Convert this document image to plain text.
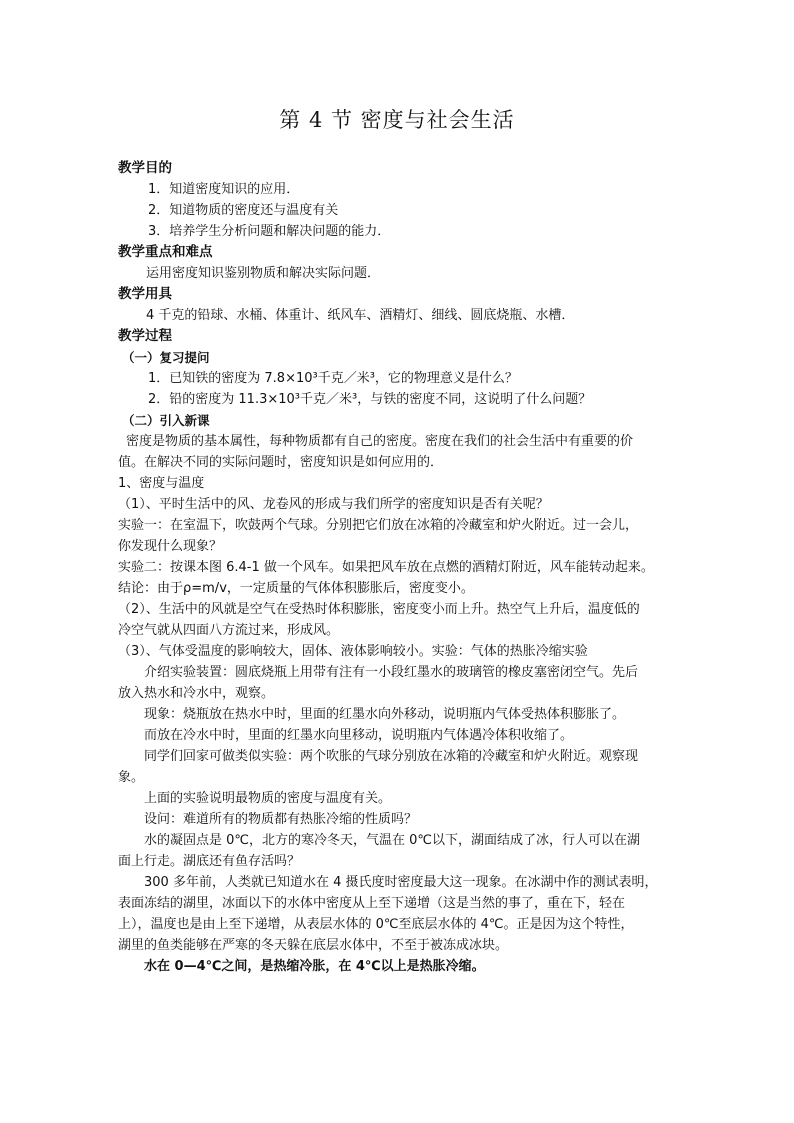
第 4 节 密度与社会生活

教学目的

1．知道密度知识的应用．

2．知道物质的密度还与温度有关

3．培养学生分析问题和解决问题的能力．

教学重点和难点

运用密度知识鉴别物质和解决实际问题．

教学用具

4 千克的铅球、水桶、体重计、纸风车、酒精灯、细线、圆底烧瓶、水槽．

教学过程

（一）复习提问

1．已知铁的密度为 7.8×10³千克／米³，它的物理意义是什么？

2．铅的密度为 11.3×10³千克／米³，与铁的密度不同，这说明了什么问题？

（二）引入新课

密度是物质的基本属性，每种物质都有自己的密度。密度在我们的社会生活中有重要的价

值。在解决不同的实际问题时，密度知识是如何应用的．

1、密度与温度

（1）、平时生活中的风、龙卷风的形成与我们所学的密度知识是否有关呢？

实验一：在室温下，吹鼓两个气球。分别把它们放在冰箱的冷藏室和炉火附近。过一会儿，

你发现什么现象？

实验二：按课本图 6.4-1 做一个风车。如果把风车放在点燃的酒精灯附近，风车能转动起来。

结论：由于ρ=m/v，一定质量的气体体积膨胀后，密度变小。

（2）、生活中的风就是空气在受热时体积膨胀，密度变小而上升。热空气上升后，温度低的

冷空气就从四面八方流过来，形成风。

（3）、气体受温度的影响较大，固体、液体影响较小。实验：气体的热胀冷缩实验

介绍实验装置：圆底烧瓶上用带有注有一小段红墨水的玻璃管的橡皮塞密闭空气。先后

放入热水和冷水中，观察。

现象：烧瓶放在热水中时，里面的红墨水向外移动，说明瓶内气体受热体积膨胀了。

而放在冷水中时，里面的红墨水向里移动，说明瓶内气体遇冷体积收缩了。

同学们回家可做类似实验：两个吹胀的气球分别放在冰箱的冷藏室和炉火附近。观察现

象。

上面的实验说明最物质的密度与温度有关。

设问：难道所有的物质都有热胀冷缩的性质吗？

水的凝固点是 0℃，北方的寒冷冬天，气温在 0℃以下，湖面结成了冰，行人可以在湖

面上行走。湖底还有鱼存活吗？

300 多年前，人类就已知道水在 4 摄氏度时密度最大这一现象。在冰湖中作的测试表明，

表面冻结的湖里，冰面以下的水体中密度从上至下递增（这是当然的事了，重在下，轻在

上），温度也是由上至下递增，从表层水体的 0℃至底层水体的 4℃。正是因为这个特性，

湖里的鱼类能够在严寒的冬天躲在底层水体中，不至于被冻成冰块。

水在 0—4℃之间，是热缩冷胀，在 4℃以上是热胀冷缩。
